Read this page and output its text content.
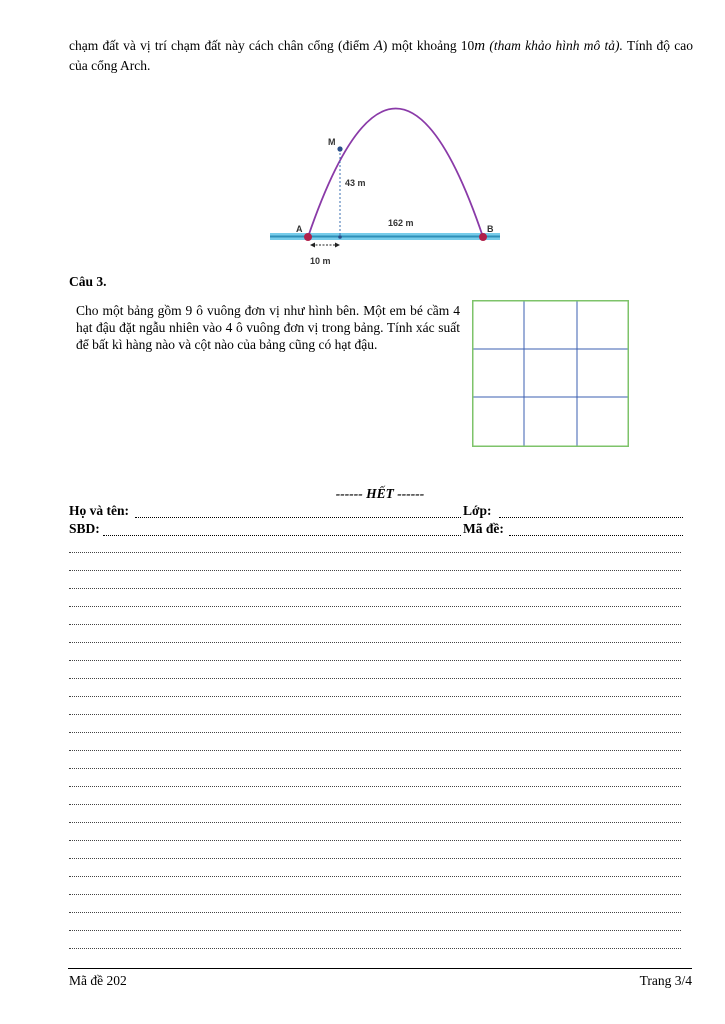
chạm đất và vị trí chạm đất này cách chân cổng (điểm A) một khoảng 10m (tham khảo hình mô tả). Tính độ cao của cổng Arch.
M
A	B
43 m
162 m
10 m
Câu 3.
Cho một bảng gồm 9 ô vuông đơn vị như hình bên. Một em bé cầm 4 hạt đậu đặt ngẫu nhiên vào 4 ô vuông đơn vị trong bảng. Tính xác suất để bất kì hàng nào và cột nào của bảng cũng có hạt đậu.
------ HẾT ------
Họ và tên:	Lớp:
SBD:	Mã đề:
Mã đề 202	Trang 3/4
